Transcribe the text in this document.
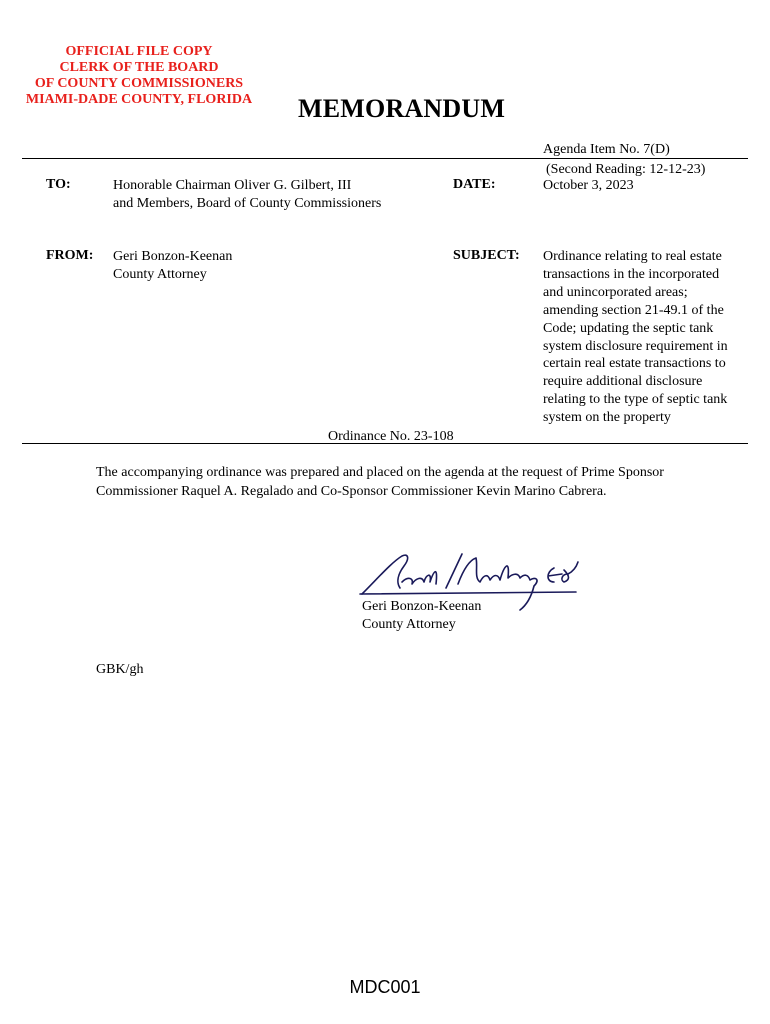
OFFICIAL FILE COPY
CLERK OF THE BOARD
OF COUNTY COMMISSIONERS
MIAMI-DADE COUNTY, FLORIDA	MEMORANDUM
Agenda Item No. 7(D)
(Second Reading: 12-12-23)
TO:	Honorable Chairman Oliver G. Gilbert, III
and Members, Board of County Commissioners
DATE:	October 3, 2023
FROM: Geri Bonzon-Keenan
County Attorney
SUBJECT: Ordinance relating to real estate
transactions in the incorporated
and unincorporated areas;
amending section 21-49.1 of the
Code; updating the septic tank
system disclosure requirement in
certain real estate transactions to
require additional disclosure
relating to the type of septic tank
system on the property
Ordinance No. 23-108
The accompanying ordinance was prepared and placed on the agenda at the request of Prime Sponsor
Commissioner Raquel A. Regalado and Co-Sponsor Commissioner Kevin Marino Cabrera.
Geri Bonzon-Keenan
County Attorney
GBK/gh
MDC001
